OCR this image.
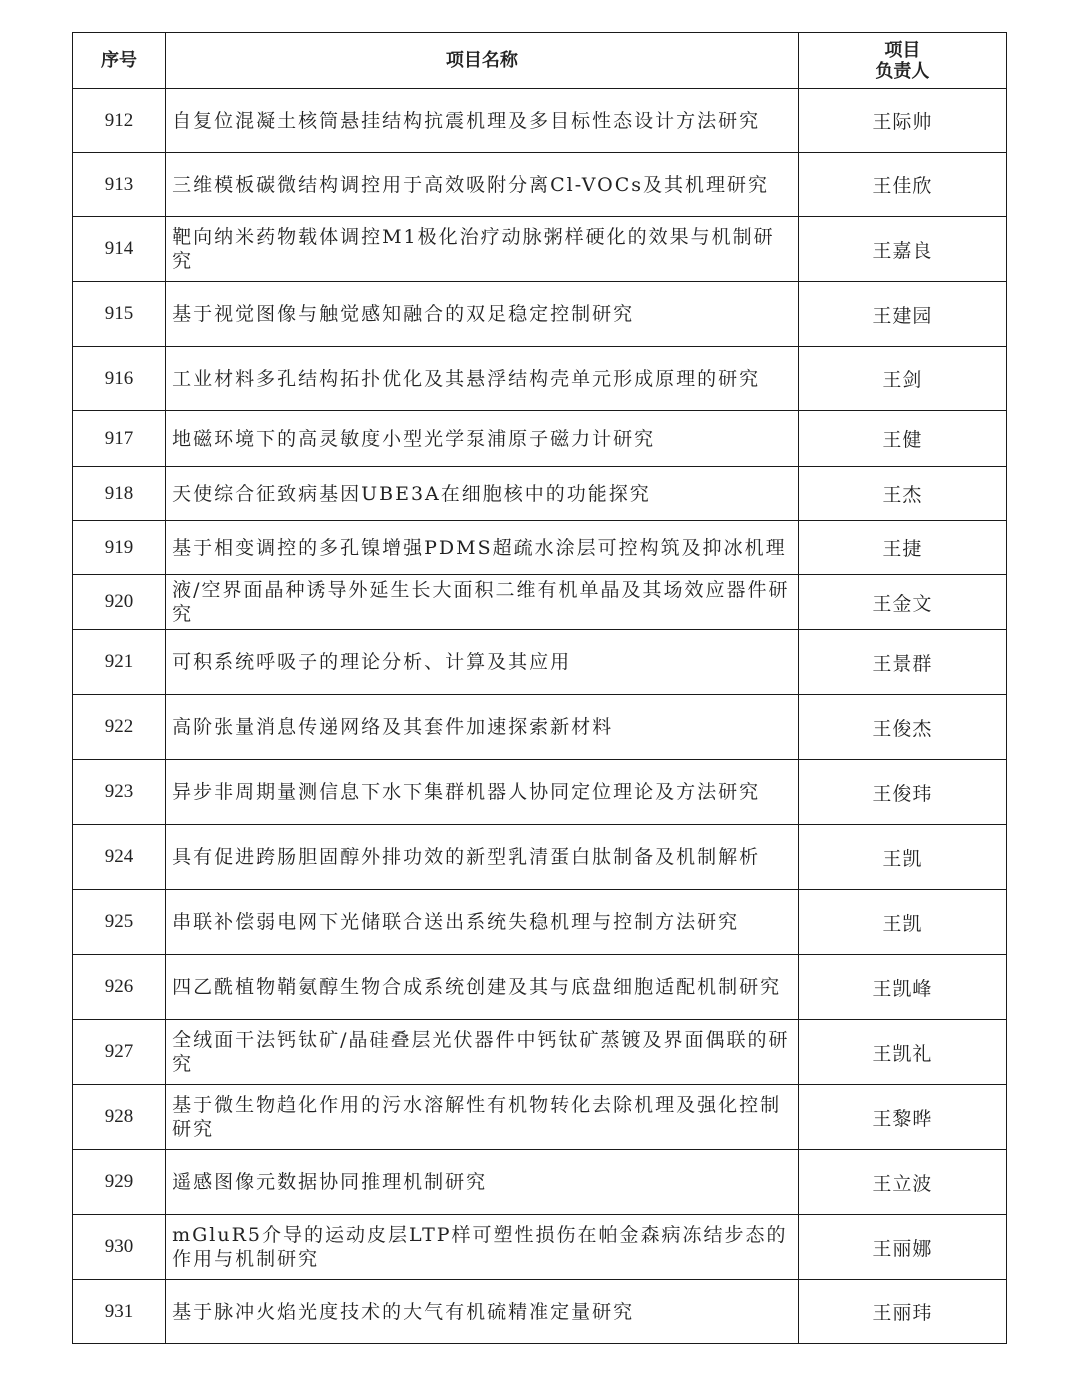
序号	项目名称	项目
负责人

912	自复位混凝土核筒悬挂结构抗震机理及多目标性态设计方法研究	王际帅
913	三维模板碳微结构调控用于高效吸附分离Cl-VOCs及其机理研究	王佳欣
914	靶向纳米药物载体调控M1极化治疗动脉粥样硬化的效果与机制研究	王嘉良
915	基于视觉图像与触觉感知融合的双足稳定控制研究	王建园
916	工业材料多孔结构拓扑优化及其悬浮结构壳单元形成原理的研究	王剑
917	地磁环境下的高灵敏度小型光学泵浦原子磁力计研究	王健
918	天使综合征致病基因UBE3A在细胞核中的功能探究	王杰
919	基于相变调控的多孔镍增强PDMS超疏水涂层可控构筑及抑冰机理	王捷
920	液/空界面晶种诱导外延生长大面积二维有机单晶及其场效应器件研究	王金文
921	可积系统呼吸子的理论分析、计算及其应用	王景群
922	高阶张量消息传递网络及其套件加速探索新材料	王俊杰
923	异步非周期量测信息下水下集群机器人协同定位理论及方法研究	王俊玮
924	具有促进跨肠胆固醇外排功效的新型乳清蛋白肽制备及机制解析	王凯
925	串联补偿弱电网下光储联合送出系统失稳机理与控制方法研究	王凯
926	四乙酰植物鞘氨醇生物合成系统创建及其与底盘细胞适配机制研究	王凯峰
927	全绒面干法钙钛矿/晶硅叠层光伏器件中钙钛矿蒸镀及界面偶联的研究	王凯礼
928	基于微生物趋化作用的污水溶解性有机物转化去除机理及强化控制研究	王黎晔
929	遥感图像元数据协同推理机制研究	王立波
930	mGluR5介导的运动皮层LTP样可塑性损伤在帕金森病冻结步态的作用与机制研究	王丽娜
931	基于脉冲火焰光度技术的大气有机硫精准定量研究	王丽玮
